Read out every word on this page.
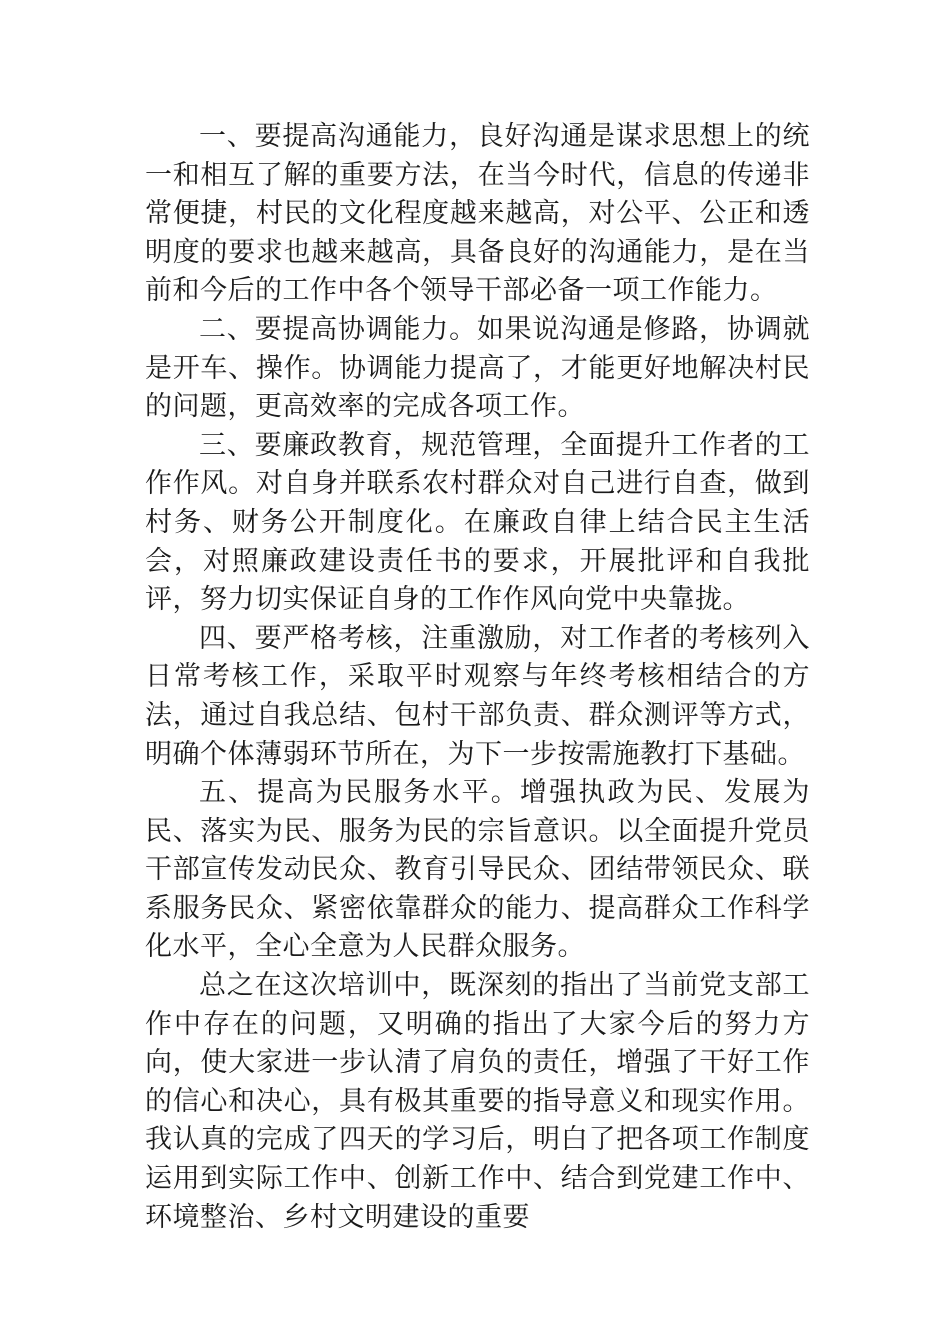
一、要提高沟通能力，良好沟通是谋求思想上的统一和相互了解的重要方法，在当今时代，信息的传递非常便捷，村民的文化程度越来越高，对公平、公正和透明度的要求也越来越高，具备良好的沟通能力，是在当前和今后的工作中各个领导干部必备一项工作能力。

二、要提高协调能力。如果说沟通是修路，协调就是开车、操作。协调能力提高了，才能更好地解决村民的问题，更高效率的完成各项工作。

三、要廉政教育，规范管理，全面提升工作者的工作作风。对自身并联系农村群众对自己进行自查，做到村务、财务公开制度化。在廉政自律上结合民主生活会，对照廉政建设责任书的要求，开展批评和自我批评，努力切实保证自身的工作作风向党中央靠拢。

四、要严格考核，注重激励，对工作者的考核列入日常考核工作，采取平时观察与年终考核相结合的方法，通过自我总结、包村干部负责、群众测评等方式，明确个体薄弱环节所在，为下一步按需施教打下基础。

五、提高为民服务水平。增强执政为民、发展为民、落实为民、服务为民的宗旨意识。以全面提升党员干部宣传发动民众、教育引导民众、团结带领民众、联系服务民众、紧密依靠群众的能力、提高群众工作科学化水平，全心全意为人民群众服务。

总之在这次培训中，既深刻的指出了当前党支部工作中存在的问题，又明确的指出了大家今后的努力方向，使大家进一步认清了肩负的责任，增强了干好工作的信心和决心，具有极其重要的指导意义和现实作用。我认真的完成了四天的学习后，明白了把各项工作制度运用到实际工作中、创新工作中、结合到党建工作中、环境整治、乡村文明建设的重要
